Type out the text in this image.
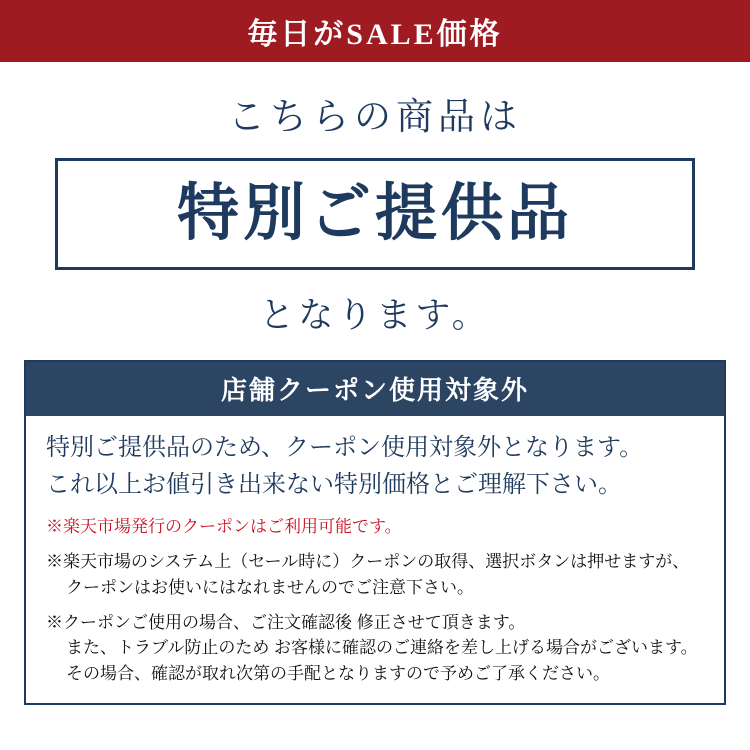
毎日がSALE価格
こちらの商品は
特別ご提供品
となります。
店舗クーポン使用対象外
特別ご提供品のため、クーポン使用対象外となります。
これ以上お値引き出来ない特別価格とご理解下さい。
※楽天市場発行のクーポンはご利用可能です。
※楽天市場のシステム上（セール時に）クーポンの取得、選択ボタンは押せますが、
クーポンはお使いにはなれませんのでご注意下さい。
※クーポンご使用の場合、ご注文確認後 修正させて頂きます。
また、トラブル防止のため お客様に確認のご連絡を差し上げる場合がございます。
その場合、確認が取れ次第の手配となりますので予めご了承ください。
